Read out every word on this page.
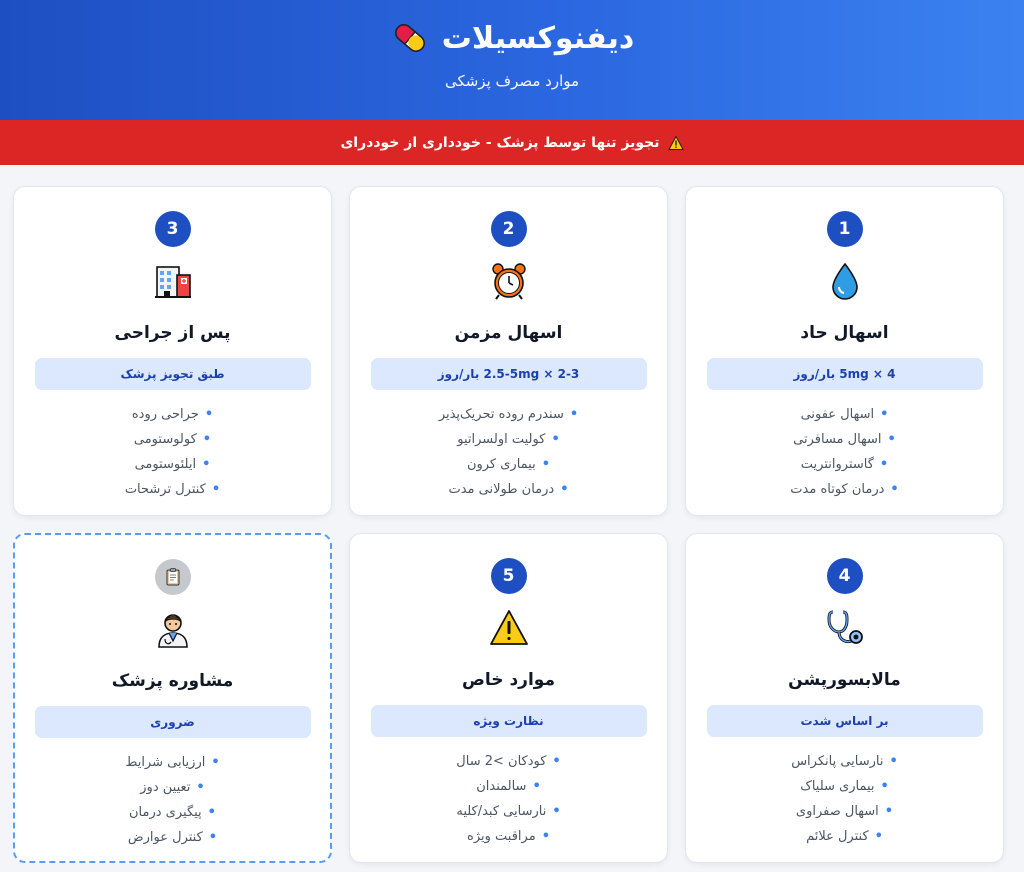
دیفنوکسیلات
موارد مصرف پزشکی
تجویز تنها توسط پزشک - خودداری از خوددرای
1
اسهال حاد
4 × 5mg بار/روز
•اسهال عفونی
•اسهال مسافرتی
•گاستروانتریت
•درمان کوتاه مدت
2
اسهال مزمن
2-3 × 2.5-5mg بار/روز
•سندرم روده تحریک‌پذیر
•کولیت اولسراتیو
•بیماری کرون
•درمان طولانی مدت
3
پس از جراحی
طبق تجویز پزشک
•جراحی روده
•کولوستومی
•ایلئوستومی
•کنترل ترشحات
4
مالابسورپشن
بر اساس شدت
•نارسایی پانکراس
•بیماری سلیاک
•اسهال صفراوی
•کنترل علائم
5
موارد خاص
نظارت ویژه
•کودکان >2 سال
•سالمندان
•نارسایی کبد/کلیه
•مراقبت ویژه
مشاوره پزشک
ضروری
•ارزیابی شرایط
•تعیین دوز
•پیگیری درمان
•کنترل عوارض
